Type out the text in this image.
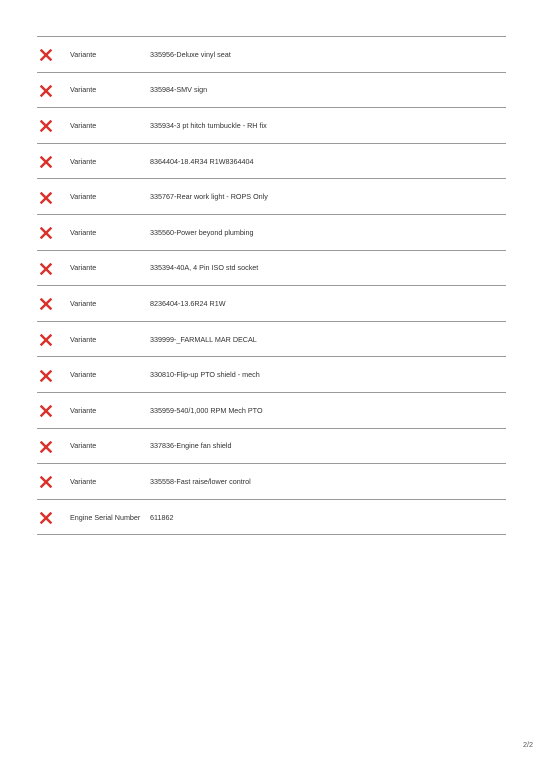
Variante	335956-Deluxe vinyl seat
Variante	335984-SMV sign
Variante	335934-3 pt hitch turnbuckle - RH fix
Variante	8364404-18.4R34 R1W8364404
Variante	335767-Rear work light - ROPS Only
Variante	335560-Power beyond plumbing
Variante	335394-40A, 4 Pin ISO std socket
Variante	8236404-13.6R24 R1W
Variante	339999-_FARMALL MAR DECAL
Variante	330810-Flip-up PTO shield - mech
Variante	335959-540/1,000 RPM Mech PTO
Variante	337836-Engine fan shield
Variante	335558-Fast raise/lower control
Engine Serial Number 611862
2/2
